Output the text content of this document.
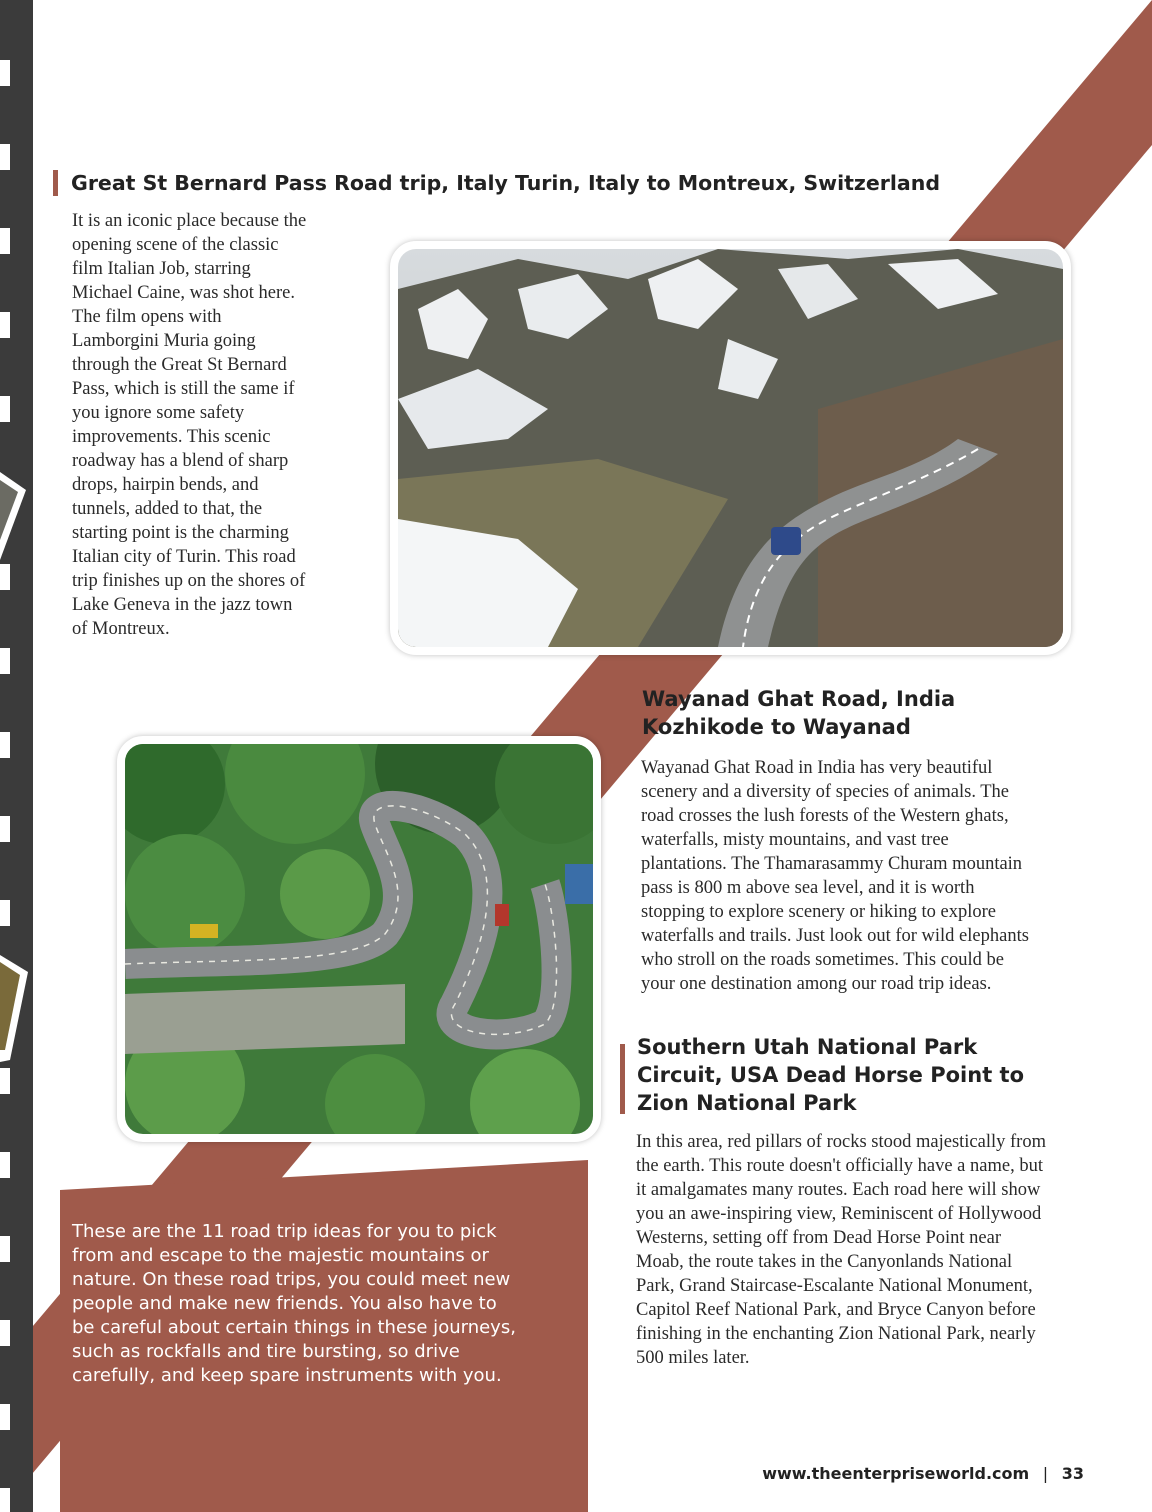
Great St Bernard Pass Road trip, Italy Turin, Italy to Montreux, Switzerland
It is an iconic place because the
opening scene of the classic
film Italian Job, starring
Michael Caine, was shot here.
The film opens with
Lamborgini Muria going
through the Great St Bernard
Pass, which is still the same if
you ignore some safety
improvements. This scenic
roadway has a blend of sharp
drops, hairpin bends, and
tunnels, added to that, the
starting point is the charming
Italian city of Turin. This road
trip finishes up on the shores of
Lake Geneva in the jazz town
of Montreux.
Wayanad Ghat Road, India
Kozhikode to Wayanad
Wayanad Ghat Road in India has very beautiful
scenery and a diversity of species of animals. The
road crosses the lush forests of the Western ghats,
waterfalls, misty mountains, and vast tree
plantations. The Thamarasammy Churam mountain
pass is 800 m above sea level, and it is worth
stopping to explore scenery or hiking to explore
waterfalls and trails. Just look out for wild elephants
who stroll on the roads sometimes. This could be
your one destination among our road trip ideas.
Southern Utah National Park
Circuit, USA Dead Horse Point to
Zion National Park
In this area, red pillars of rocks stood majestically from
the earth. This route doesn't officially have a name, but
it amalgamates many routes. Each road here will show
you an awe-inspiring view, Reminiscent of Hollywood
Westerns, setting off from Dead Horse Point near
Moab, the route takes in the Canyonlands National
Park, Grand Staircase-Escalante National Monument,
Capitol Reef National Park, and Bryce Canyon before
finishing in the enchanting Zion National Park, nearly
500 miles later.
These are the 11 road trip ideas for you to pick
from and escape to the majestic mountains or
nature. On these road trips, you could meet new
people and make new friends. You also have to
be careful about certain things in these journeys,
such as rockfalls and tire bursting, so drive
carefully, and keep spare instruments with you.
www.theenterpriseworld.com | 33
